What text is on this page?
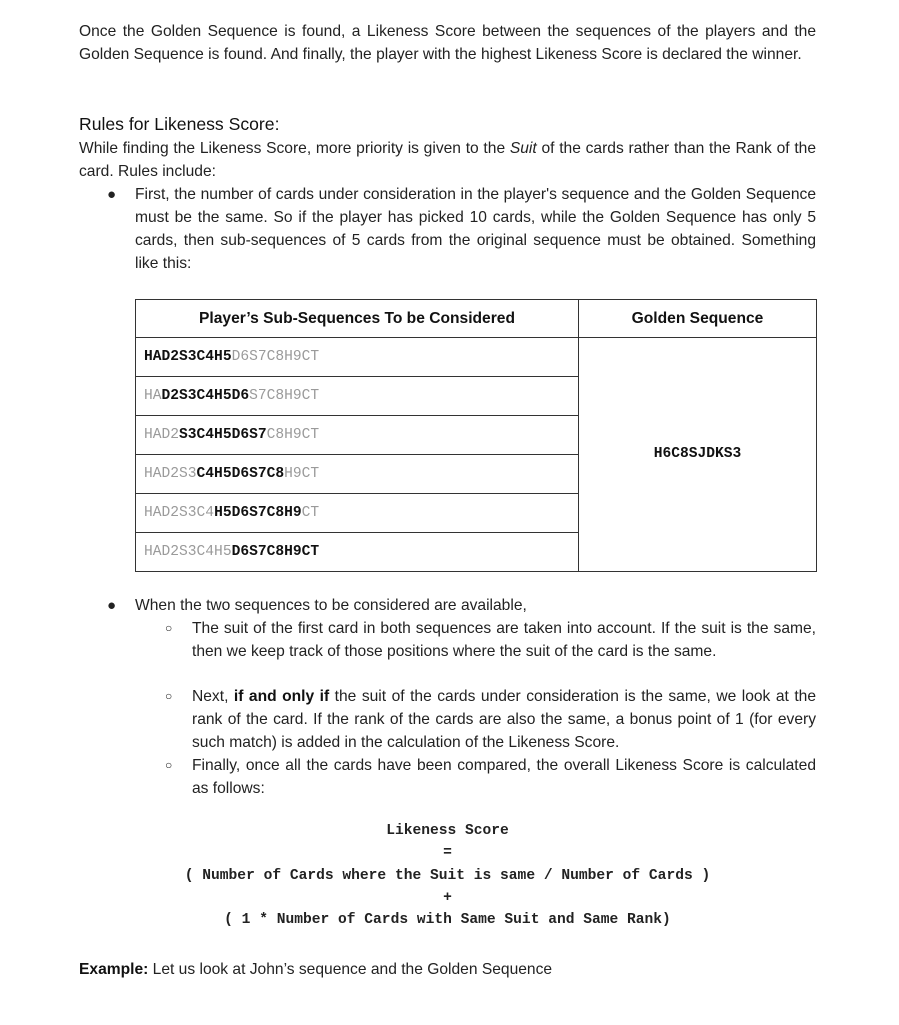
Once the Golden Sequence is found, a Likeness Score between the sequences of the players and the Golden Sequence is found. And finally, the player with the highest Likeness Score is declared the winner.

Rules for Likeness Score:

While finding the Likeness Score, more priority is given to the Suit of the cards rather than the Rank of the card. Rules include:

● First, the number of cards under consideration in the player's sequence and the Golden Sequence must be the same. So if the player has picked 10 cards, while the Golden Sequence has only 5 cards, then sub-sequences of 5 cards from the original sequence must be obtained. Something like this:
Player’s Sub-Sequences To be Considered	Golden Sequence
HAD2S3C4H5D6S7C8H9CT	H6C8SJDKS3
HAD2S3C4H5D6S7C8H9CT	
HAD2S3C4H5D6S7C8H9CT	
HAD2S3C4H5D6S7C8H9CT	
HAD2S3C4H5D6S7C8H9CT	
HAD2S3C4H5D6S7C8H9CT	
● When the two sequences to be considered are available,
○ The suit of the first card in both sequences are taken into account. If the suit is the same, then we keep track of those positions where the suit of the card is the same.
○ Next, if and only if the suit of the cards under consideration is the same, we look at the rank of the card. If the rank of the cards are also the same, a bonus point of 1 (for every such match) is added in the calculation of the Likeness Score.
○ Finally, once all the cards have been compared, the overall Likeness Score is calculated as follows:
Likeness Score
=
( Number of Cards where the Suit is same / Number of Cards )
+
( 1 * Number of Cards with Same Suit and Same Rank)
Example: Let us look at John’s sequence and the Golden Sequence
